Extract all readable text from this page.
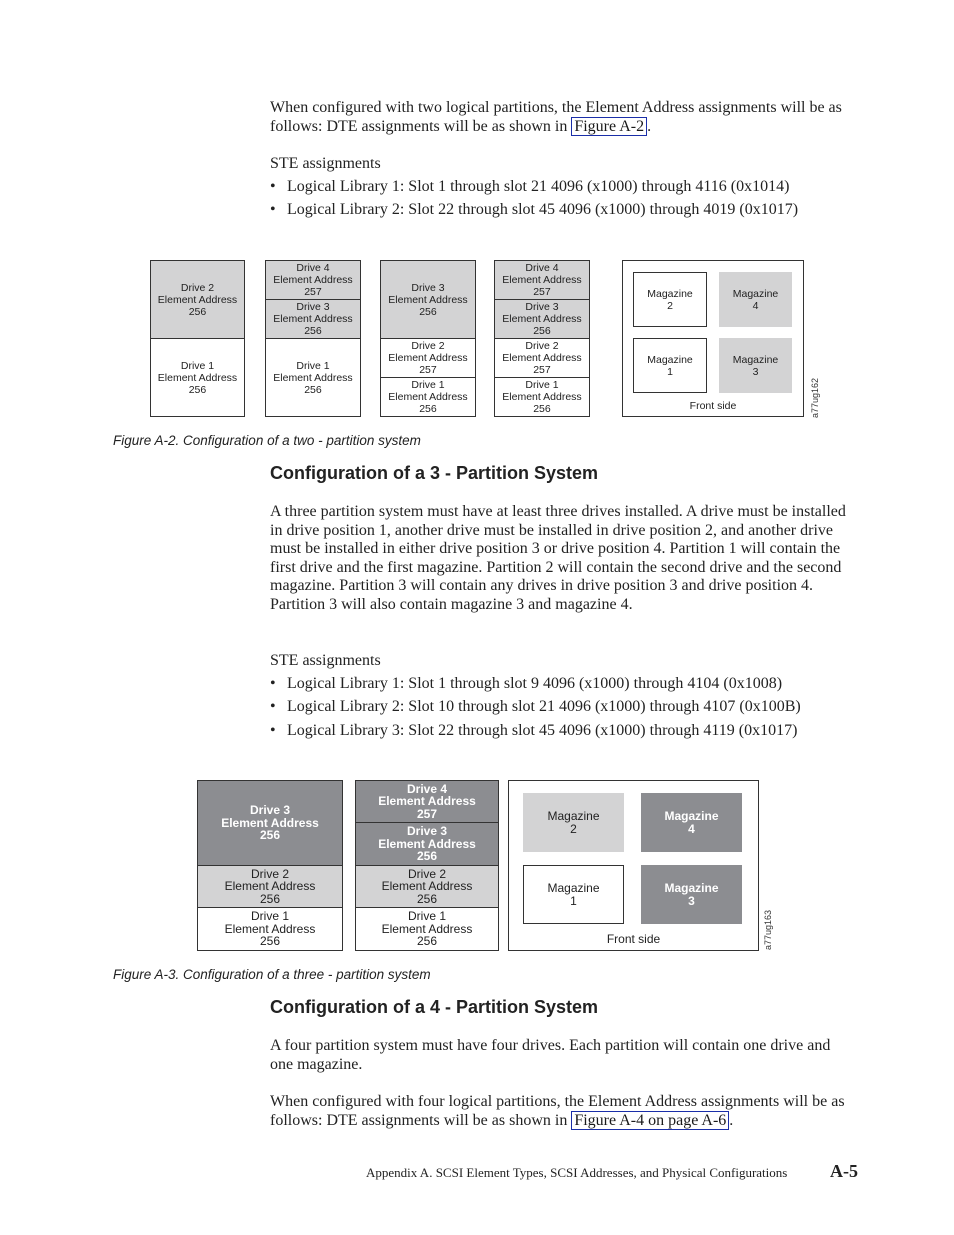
When configured with two logical partitions, the Element Address assignments will be as follows: DTE assignments will be as shown in Figure A-2 .
STE assignments
• Logical Library 1: Slot 1 through slot 21 4096 (x1000) through 4116 (0x1014)
• Logical Library 2: Slot 22 through slot 45 4096 (x1000) through 4019 (0x1017)
Drive 2
Element Address
256
Drive 1
Element Address
256
Drive 4
Element Address
257
Drive 3
Element Address
256
Drive 1
Element Address
256
Drive 3
Element Address
256
Drive 2
Element Address
257
Drive 1
Element Address
256
Drive 4
Element Address
257
Drive 3
Element Address
256
Drive 2
Element Address
257
Drive 1
Element Address
256
Magazine
2
Magazine
4
Magazine
1
Magazine
3
Front side	a77ug162
Figure A-2. Configuration of a two - partition system
Configuration of a 3 - Partition System
A three partition system must have at least three drives installed. A drive must be installed in drive position 1, another drive must be installed in drive position 2, and another drive must be installed in either drive position 3 or drive position 4. Partition 1 will contain the first drive and the first magazine. Partition 2 will contain the second drive and the second magazine. Partition 3 will contain any drives in drive position 3 and drive position 4. Partition 3 will also contain magazine 3 and magazine 4.
STE assignments
• Logical Library 1: Slot 1 through slot 9 4096 (x1000) through 4104 (0x1008)
• Logical Library 2: Slot 10 through slot 21 4096 (x1000) through 4107 (0x100B)
• Logical Library 3: Slot 22 through slot 45 4096 (x1000) through 4119 (0x1017)
Drive 3
Element Address
256
Drive 2
Element Address
256
Drive 1
Element Address
256
Drive 4
Element Address
257
Drive 3
Element Address
256
Drive 2
Element Address
256
Drive 1
Element Address
256
Magazine
2
Magazine
4
Magazine
1
Magazine
3
Front side	a77ug163
Figure A-3. Configuration of a three - partition system
Configuration of a 4 - Partition System
A four partition system must have four drives. Each partition will contain one drive and one magazine.
When configured with four logical partitions, the Element Address assignments will be as follows: DTE assignments will be as shown in Figure A-4 on page A-6 .
Appendix A. SCSI Element Types, SCSI Addresses, and Physical Configurations A-5
